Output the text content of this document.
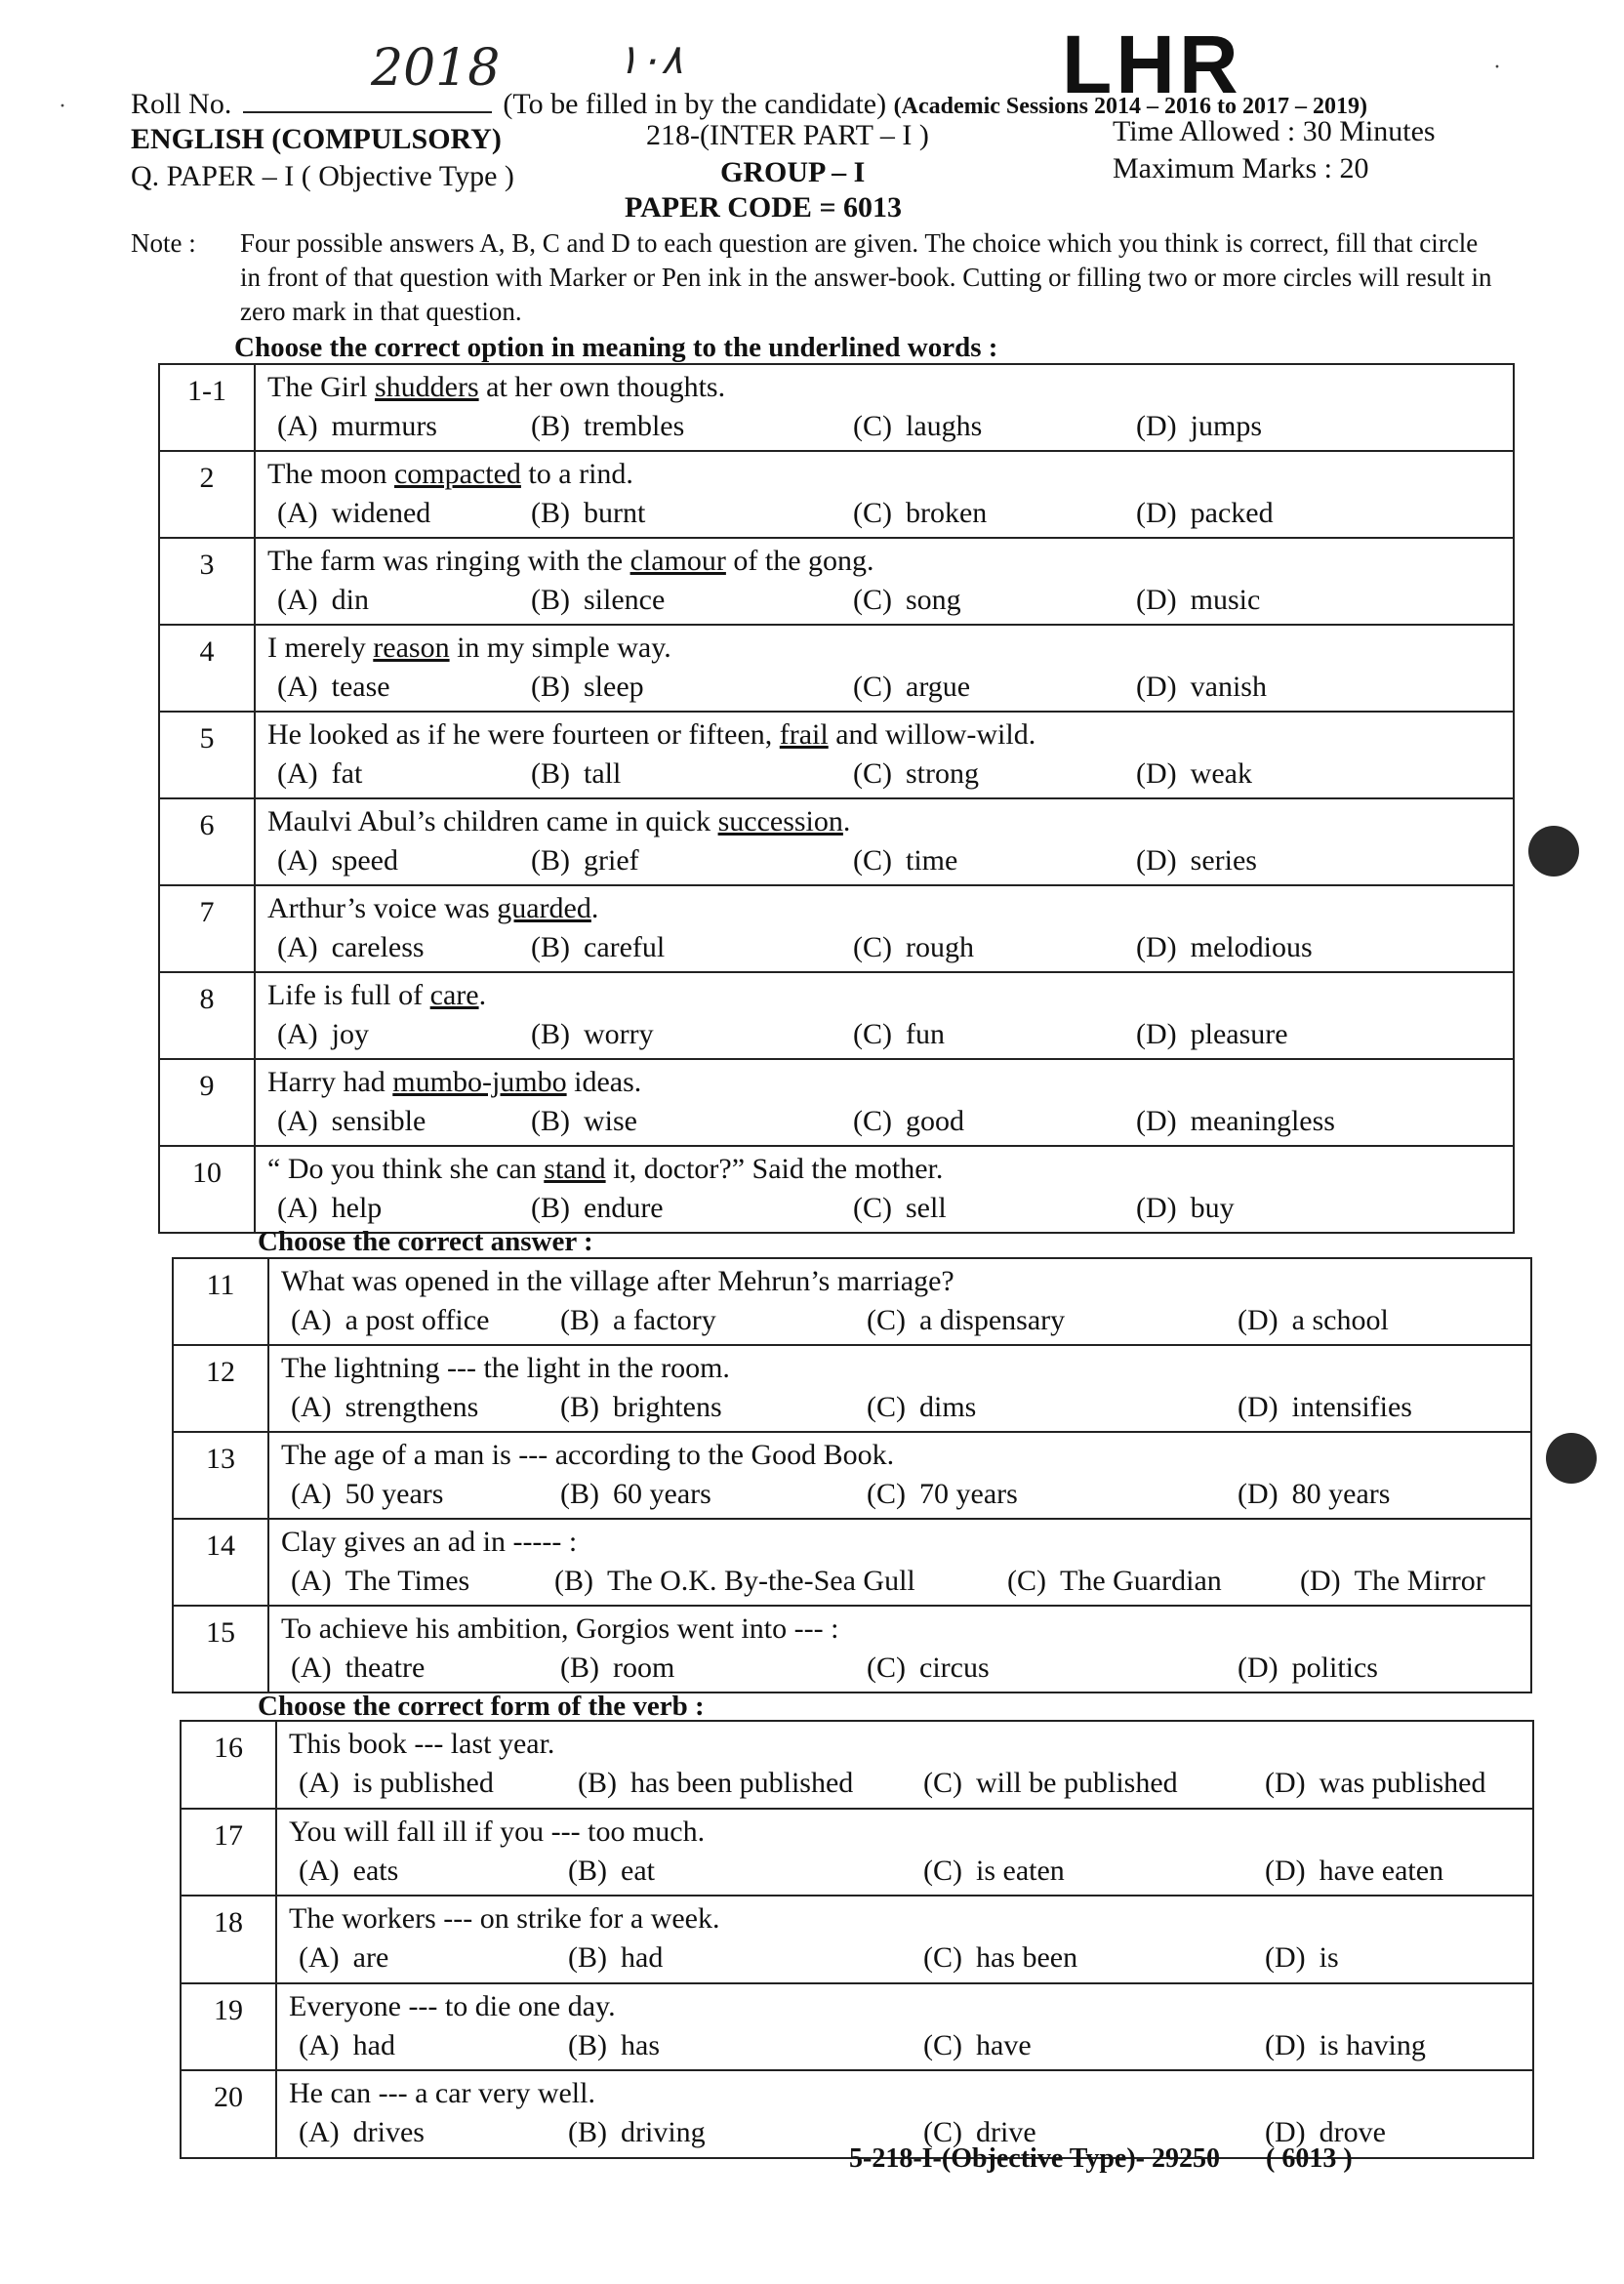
2018	۱۰۸	LHR
·
·
Roll No.	(To be filled in by the candidate) (Academic Sessions 2014 – 2016 to 2017 – 2019)
ENGLISH (COMPULSORY)	218-(INTER PART – I )	Time Allowed : 30 Minutes
Q. PAPER – I ( Objective Type )	GROUP – I	Maximum Marks : 20
PAPER CODE = 6013
Note : Four possible answers A, B, C and D to each question are given. The choice which you think is correct, fill that circle in front of that question with Marker or Pen ink in the answer-book. Cutting or filling two or more circles will result in zero mark in that question.
Choose the correct option in meaning to the underlined words :
1-1	The Girl shudders at her own thoughts.
(A) murmurs	(B) trembles	(C) laughs	(D) jumps
2	The moon compacted to a rind.
(A) widened	(B) burnt	(C) broken	(D) packed
3	The farm was ringing with the clamour of the gong.
(A) din	(B) silence	(C) song	(D) music
4	I merely reason in my simple way.
(A) tease	(B) sleep	(C) argue	(D) vanish
5	He looked as if he were fourteen or fifteen, frail and willow-wild.
(A) fat	(B) tall	(C) strong	(D) weak
6	Maulvi Abul’s children came in quick succession.
(A) speed	(B) grief	(C) time	(D) series
7	Arthur’s voice was guarded.
(A) careless	(B) careful	(C) rough	(D) melodious
8	Life is full of care.
(A) joy	(B) worry	(C) fun	(D) pleasure
9	Harry had mumbo-jumbo ideas.
(A) sensible	(B) wise	(C) good	(D) meaningless
10	“ Do you think she can stand it, doctor?” Said the mother.
(A) help	(B) endure	(C) sell	(D) buy
Choose the correct answer :
11	What was opened in the village after Mehrun’s marriage?
(A) a post office (B) a factory	(C) a dispensary	(D) a school
12	The lightning --- the light in the room.
(A) strengthens	(B) brightens	(C) dims	(D) intensifies
13	The age of a man is --- according to the Good Book.
(A) 50 years	(B) 60 years	(C) 70 years	(D) 80 years
14	Clay gives an ad in ----- :
(A) The Times	(B) The O.K. By-the-Sea Gull	(C) The Guardian	(D) The Mirror
15	To achieve his ambition, Gorgios went into --- :
(A) theatre	(B) room	(C) circus	(D) politics
Choose the correct form of the verb :
16	This book --- last year.
(A) is published	(B) has been published (C) will be published	(D) was published
17	You will fall ill if you --- too much.
(A) eats	(B) eat	(C) is eaten	(D) have eaten
18	The workers --- on strike for a week.
(A) are	(B) had	(C) has been	(D) is
19	Everyone --- to die one day.
(A) had	(B) has	(C) have	(D) is having
20	He can --- a car very well.
(A) drives	(B) driving	(C) drive	(D) drove
5-218-I-(Objective Type)- 29250 ( 6013 )
